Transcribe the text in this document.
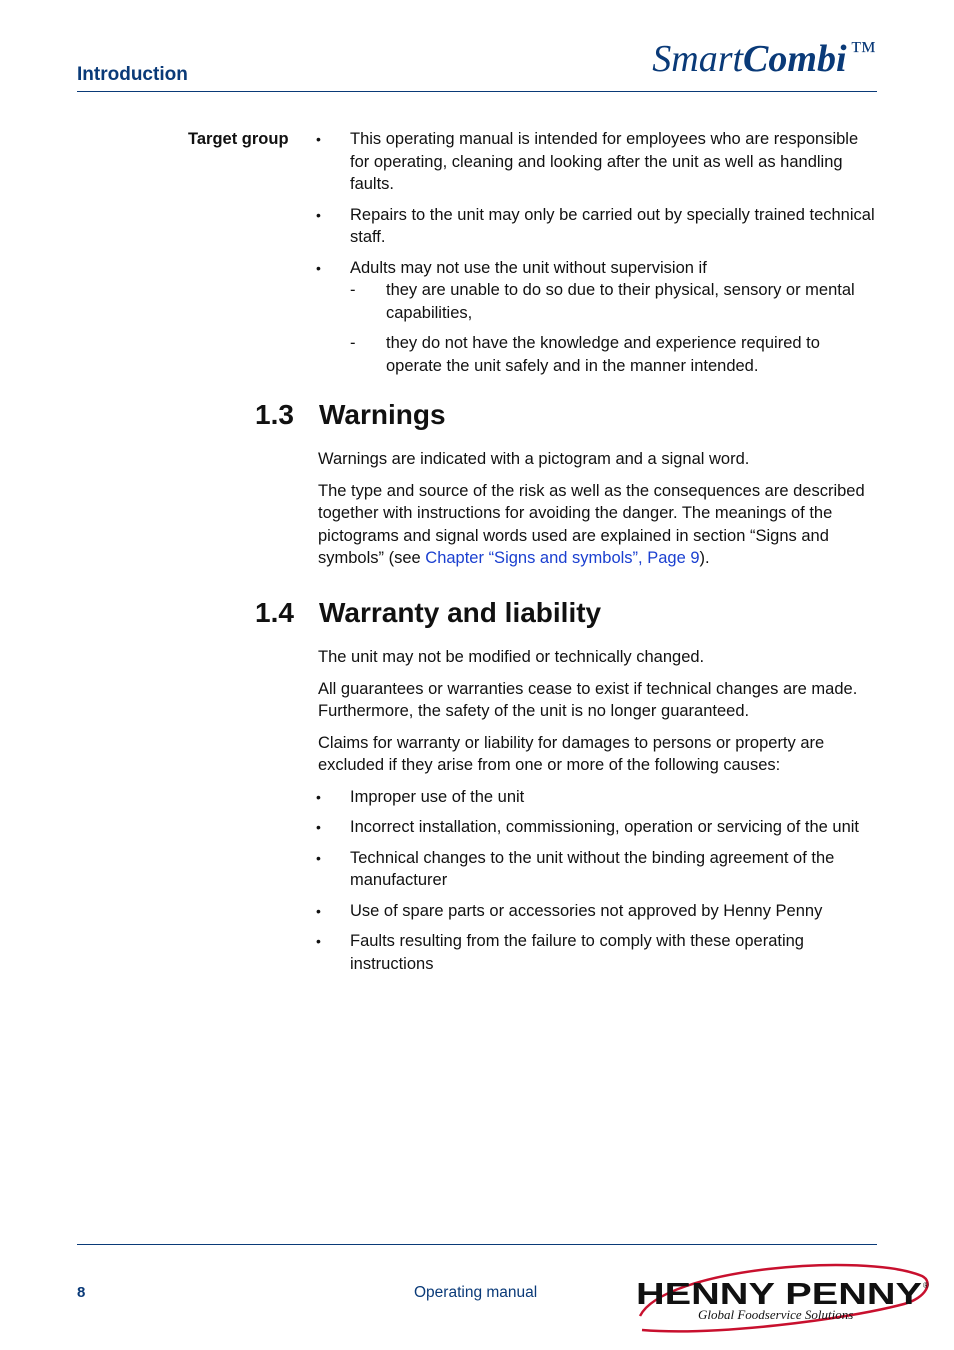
Introduction	SmartCombi ™
Target group • This operating manual is intended for employees who are responsible for operating, cleaning and looking after the unit as well as handling faults.
• Repairs to the unit may only be carried out by specially trained technical staff.
• Adults may not use the unit without supervision if
- they are unable to do so due to their physical, sensory or mental capabilities,
- they do not have the knowledge and experience required to operate the unit safely and in the manner intended.
1.3 Warnings

Warnings are indicated with a pictogram and a signal word.

The type and source of the risk as well as the consequences are described together with instructions for avoiding the danger. The meanings of the pictograms and signal words used are explained in section “Signs and symbols” (see Chapter “Signs and symbols”, Page 9).

1.4 Warranty and liability

The unit may not be modified or technically changed.

All guarantees or warranties cease to exist if technical changes are made. Furthermore, the safety of the unit is no longer guaranteed.

Claims for warranty or liability for damages to persons or property are excluded if they arise from one or more of the following causes:

• Improper use of the unit
• Incorrect installation, commissioning, operation or servicing of the unit
• Technical changes to the unit without the binding agreement of the manufacturer
• Use of spare parts or accessories not approved by Henny Penny
• Faults resulting from the failure to comply with these operating instructions
8	Operating manual	HENNY PENNY ®
Global Foodservice Solutions
